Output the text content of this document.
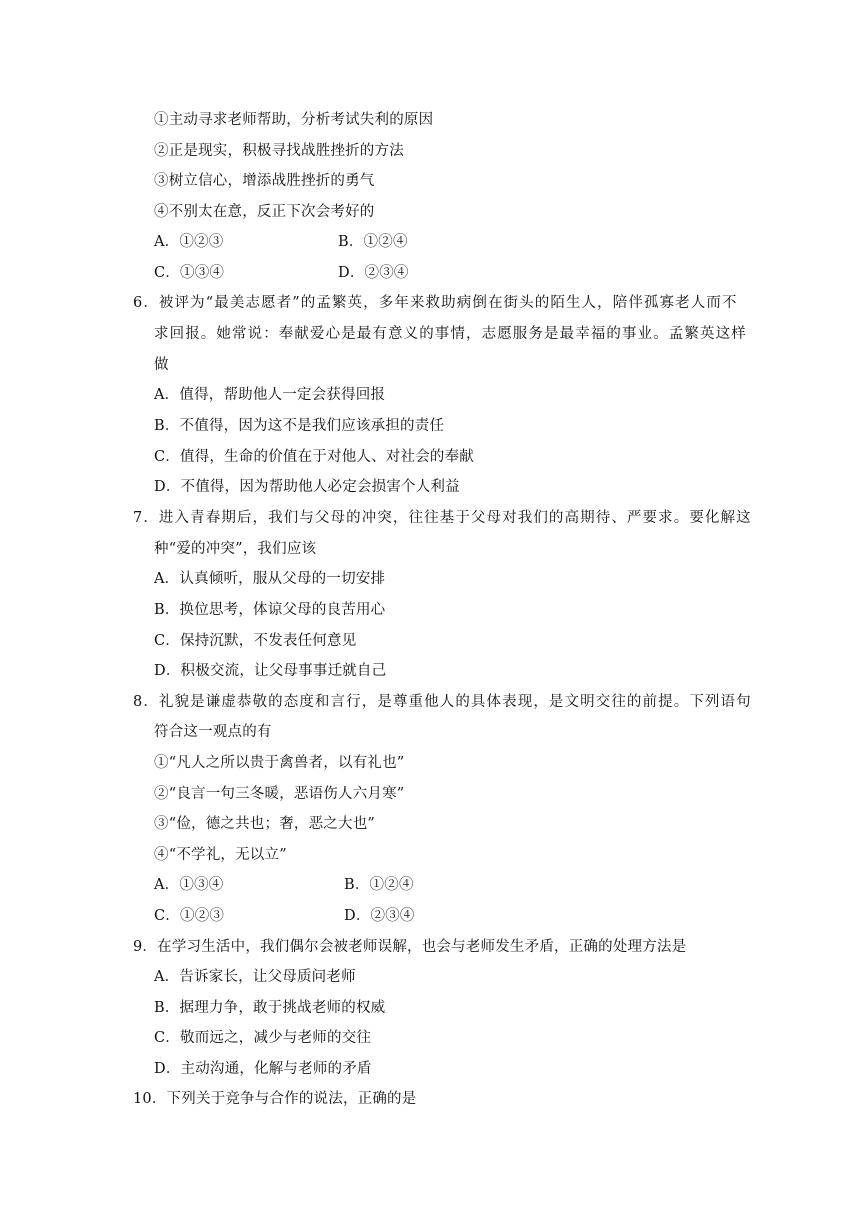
①主动寻求老师帮助，分析考试失利的原因
②正是现实，积极寻找战胜挫折的方法
③树立信心，增添战胜挫折的勇气
④不别太在意，反正下次会考好的
A．①②③	B．①②④
C．①③④	D．②③④
6．被评为“最美志愿者”的孟繁英，多年来救助病倒在街头的陌生人，陪伴孤寡老人而不
求回报。她常说：奉献爱心是最有意义的事情，志愿服务是最幸福的事业。孟繁英这样
做
A．值得，帮助他人一定会获得回报
B．不值得，因为这不是我们应该承担的责任
C．值得，生命的价值在于对他人、对社会的奉献
D．不值得，因为帮助他人必定会损害个人利益
7．进入青春期后，我们与父母的冲突，往往基于父母对我们的高期待、严要求。要化解这
种“爱的冲突”，我们应该
A．认真倾听，服从父母的一切安排
B．换位思考，体谅父母的良苦用心
C．保持沉默，不发表任何意见
D．积极交流，让父母事事迁就自己
8．礼貌是谦虚恭敬的态度和言行，是尊重他人的具体表现，是文明交往的前提。下列语句
符合这一观点的有
①“凡人之所以贵于禽兽者，以有礼也”
②“良言一句三冬暖，恶语伤人六月寒”
③“俭，德之共也；奢，恶之大也”
④“不学礼，无以立”
A．①③④	B．①②④
C．①②③	D．②③④
9．在学习生活中，我们偶尔会被老师误解，也会与老师发生矛盾，正确的处理方法是
A．告诉家长，让父母质问老师
B．据理力争，敢于挑战老师的权威
C．敬而远之，减少与老师的交往
D．主动沟通，化解与老师的矛盾
10．下列关于竞争与合作的说法，正确的是
